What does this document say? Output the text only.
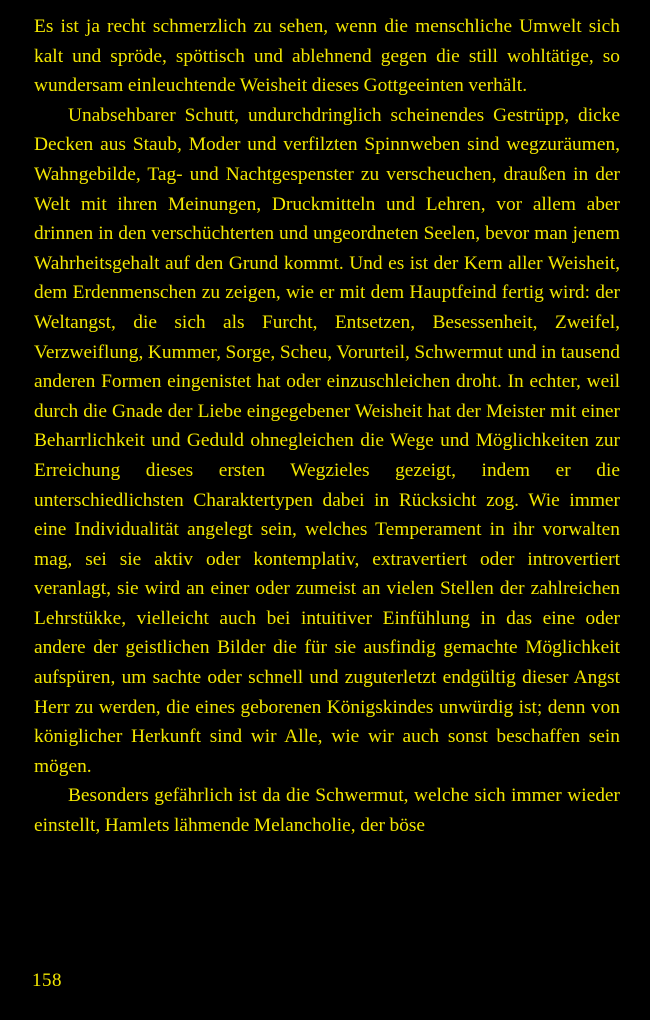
Es ist ja recht schmerzlich zu sehen, wenn die menschliche Umwelt sich kalt und spröde, spöttisch und ablehnend gegen die still wohltätige, so wundersam einleuchtende Weisheit dieses Gottgeeinten verhält.

Unabsehbarer Schutt, undurchdringlich scheinendes Gestrüpp, dicke Decken aus Staub, Moder und verfilzten Spinnweben sind wegzuräumen, Wahngebilde, Tag- und Nachtgespenster zu verscheuchen, draußen in der Welt mit ihren Meinungen, Druckmitteln und Lehren, vor allem aber drinnen in den verschüchterten und ungeordneten Seelen, bevor man jenem Wahrheitsgehalt auf den Grund kommt. Und es ist der Kern aller Weisheit, dem Erdenmenschen zu zeigen, wie er mit dem Hauptfeind fertig wird: der Weltangst, die sich als Furcht, Entsetzen, Besessenheit, Zweifel, Verzweiflung, Kummer, Sorge, Scheu, Vorurteil, Schwermut und in tausend anderen Formen eingenistet hat oder einzuschleichen droht. In echter, weil durch die Gnade der Liebe eingegebener Weisheit hat der Meister mit einer Beharrlichkeit und Geduld ohnegleichen die Wege und Möglichkeiten zur Erreichung dieses ersten Wegzieles gezeigt, indem er die unterschiedlichsten Charaktertypen dabei in Rücksicht zog. Wie immer eine Individualität angelegt sein, welches Temperament in ihr vorwalten mag, sei sie aktiv oder kontemplativ, extravertiert oder introvertiert veranlagt, sie wird an einer oder zumeist an vielen Stellen der zahlreichen Lehrstükke, vielleicht auch bei intuitiver Einfühlung in das eine oder andere der geistlichen Bilder die für sie ausfindig gemachte Möglichkeit aufspüren, um sachte oder schnell und zuguterletzt endgültig dieser Angst Herr zu werden, die eines geborenen Königskindes unwürdig ist; denn von königlicher Herkunft sind wir Alle, wie wir auch sonst beschaffen sein mögen.

Besonders gefährlich ist da die Schwermut, welche sich immer wieder einstellt, Hamlets lähmende Melancholie, der böse

158
